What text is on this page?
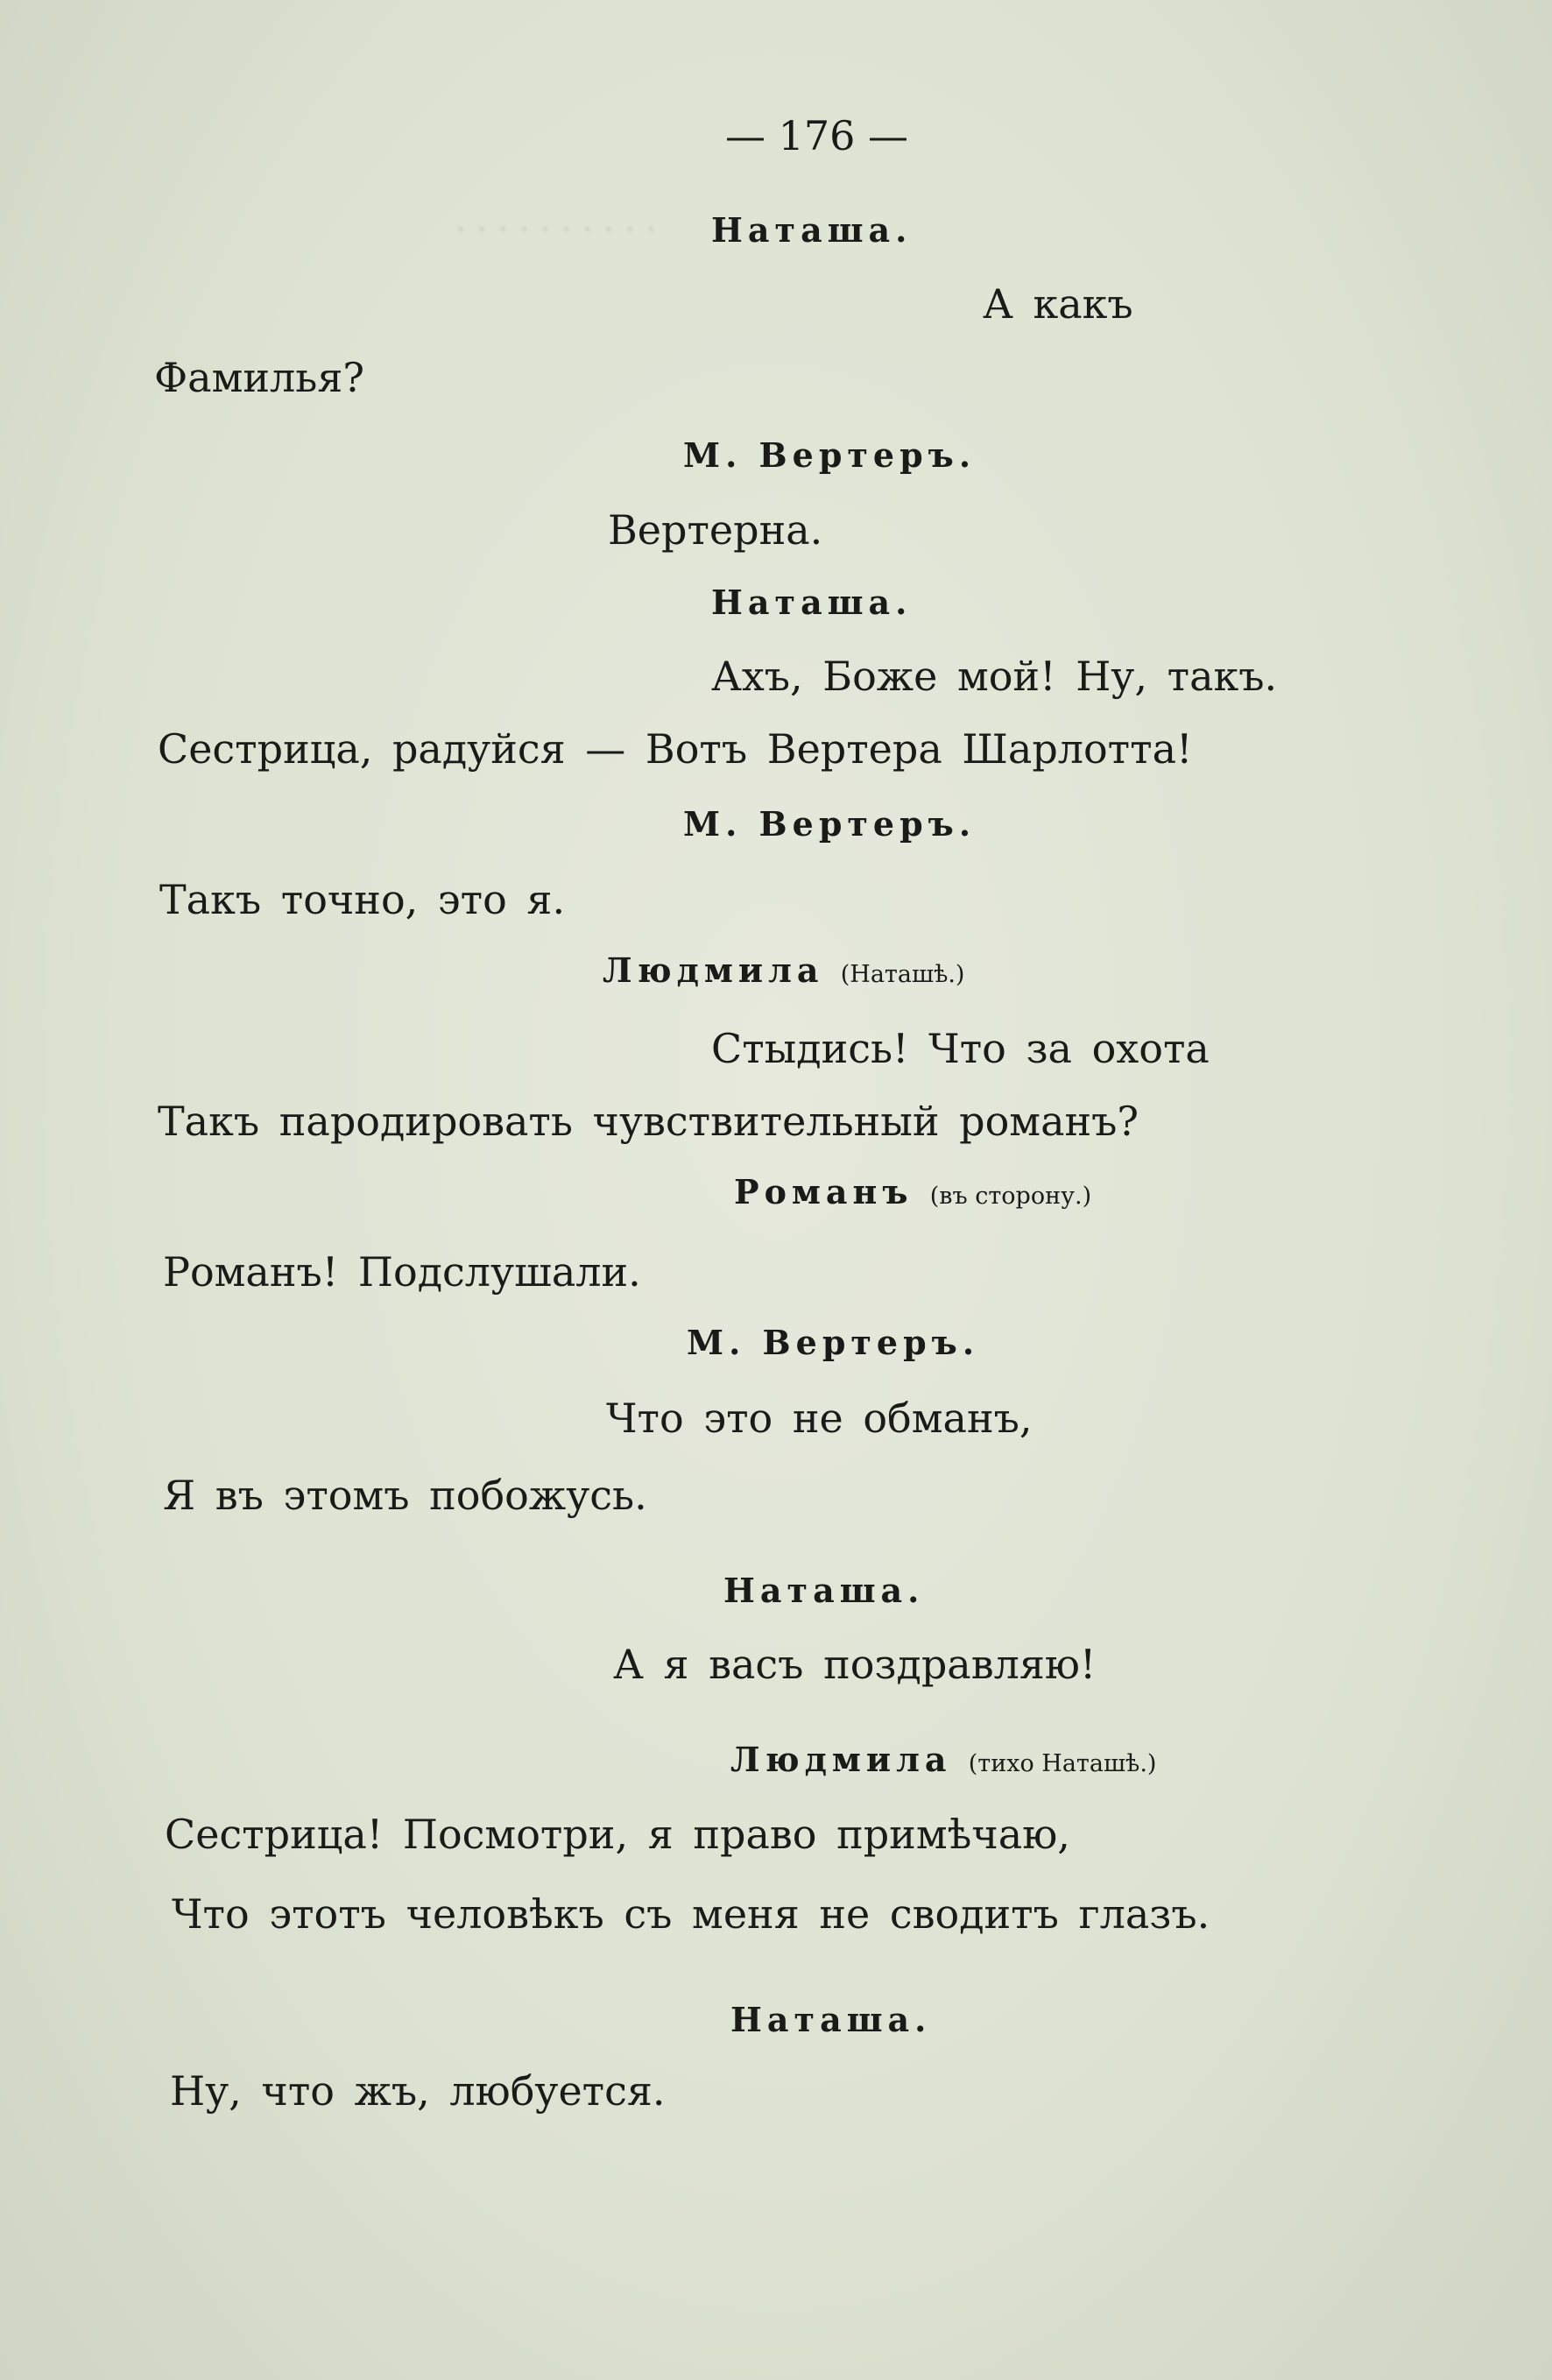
· · · · · · · · · ·
— 176 —
Наташа.
А какъ
Фамилья?
М. Вертеръ.
Вертерна.
Наташа.
Ахъ, Боже мой! Ну, такъ.
Сестрица, радуйся — Вотъ Вертера Шарлотта!
М. Вертеръ.
Такъ точно, это я.
Людмила (Наташѣ.)
Стыдись! Что за охота
Такъ пародировать чувствительный романъ?
Романъ (въ сторону.)
Романъ! Подслушали.
М. Вертеръ.
Что это не обманъ,
Я въ этомъ побожусь.
Наташа.
А я васъ поздравляю!
Людмила (тихо Наташѣ.)
Сестрица! Посмотри, я право примѣчаю,
Что этотъ человѣкъ съ меня не сводитъ глазъ.
Наташа.
Ну, что жъ, любуется.
